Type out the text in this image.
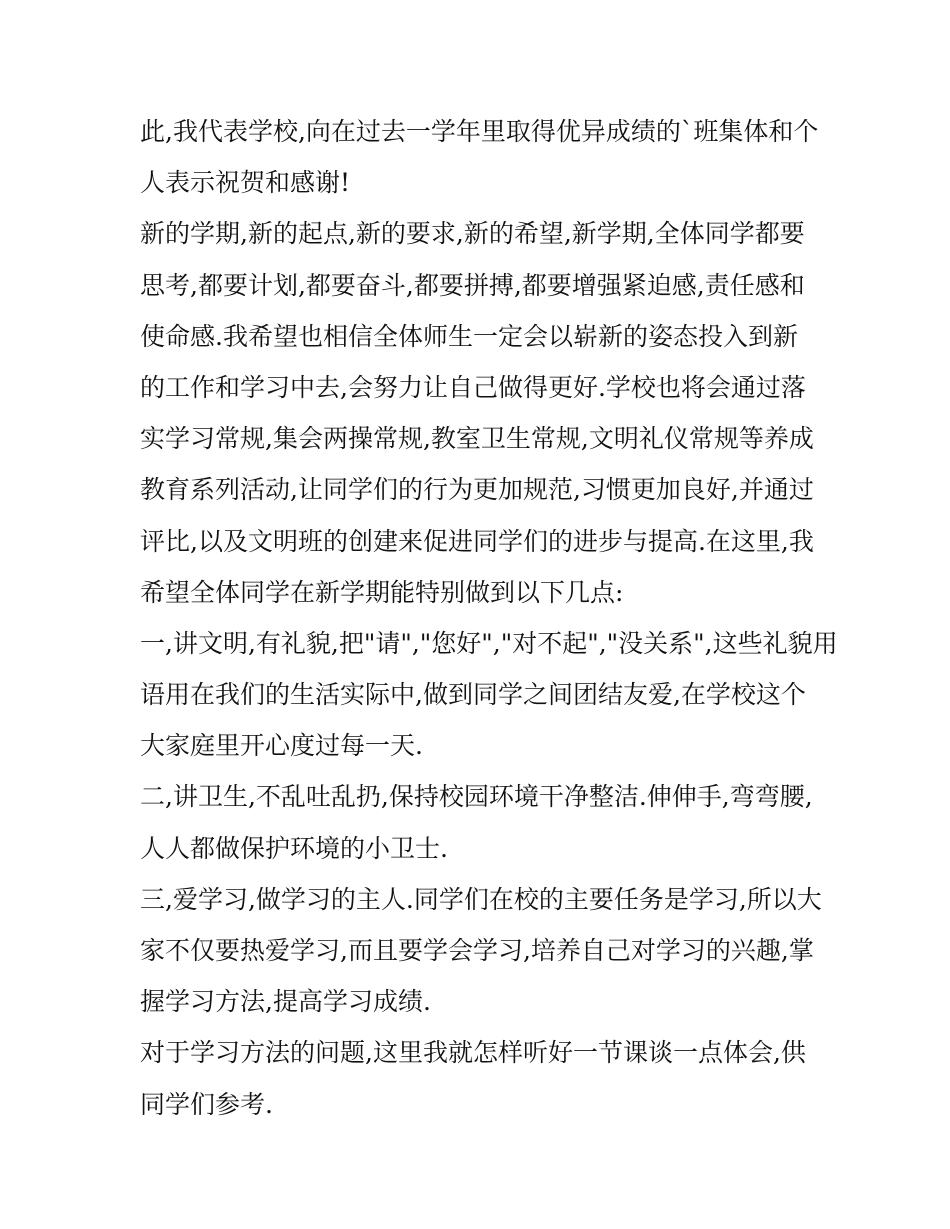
此,我代表学校,向在过去一学年里取得优异成绩的`班集体和个
人表示祝贺和感谢!
新的学期,新的起点,新的要求,新的希望,新学期,全体同学都要
思考,都要计划,都要奋斗,都要拼搏,都要增强紧迫感,责任感和
使命感.我希望也相信全体师生一定会以崭新的姿态投入到新
的工作和学习中去,会努力让自己做得更好.学校也将会通过落
实学习常规,集会两操常规,教室卫生常规,文明礼仪常规等养成
教育系列活动,让同学们的行为更加规范,习惯更加良好,并通过
评比,以及文明班的创建来促进同学们的进步与提高.在这里,我
希望全体同学在新学期能特别做到以下几点:
一,讲文明,有礼貌,把"请","您好","对不起","没关系",这些礼貌用
语用在我们的生活实际中,做到同学之间团结友爱,在学校这个
大家庭里开心度过每一天.
二,讲卫生,不乱吐乱扔,保持校园环境干净整洁.伸伸手,弯弯腰,
人人都做保护环境的小卫士.
三,爱学习,做学习的主人.同学们在校的主要任务是学习,所以大
家不仅要热爱学习,而且要学会学习,培养自己对学习的兴趣,掌
握学习方法,提高学习成绩.
对于学习方法的问题,这里我就怎样听好一节课谈一点体会,供
同学们参考.
